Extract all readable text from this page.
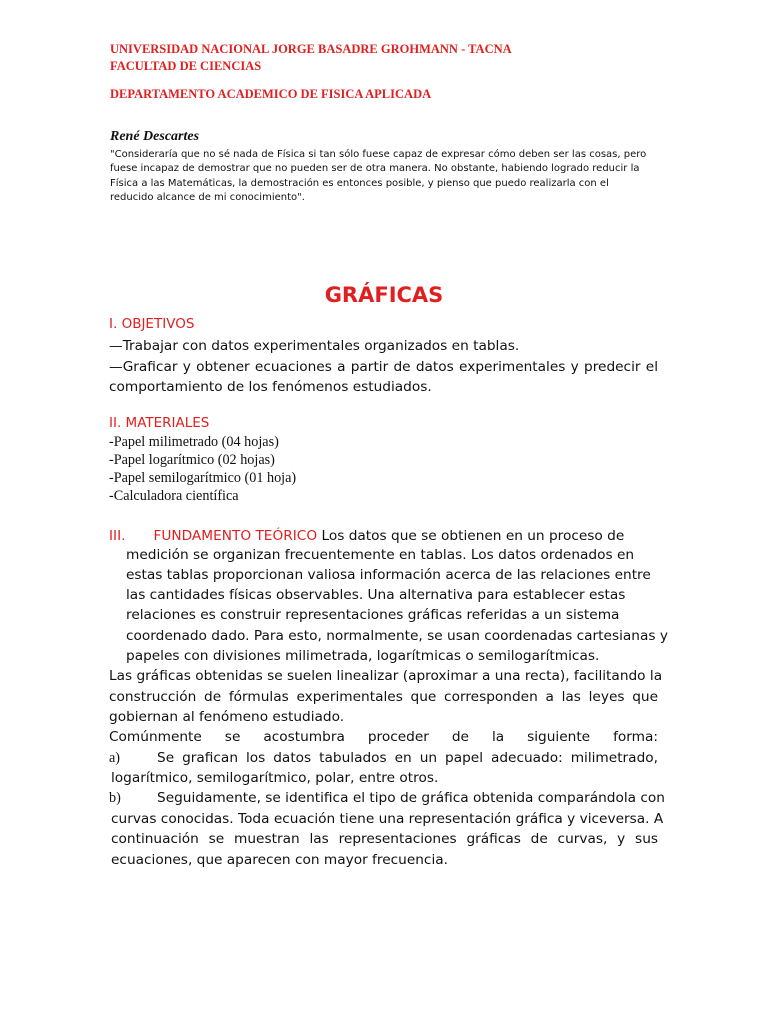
UNIVERSIDAD NACIONAL JORGE BASADRE GROHMANN - TACNA
FACULTAD DE CIENCIAS
DEPARTAMENTO ACADEMICO DE FISICA APLICADA
René Descartes
"Consideraría que no sé nada de Física si tan sólo fuese capaz de expresar cómo deben ser las cosas, pero fuese incapaz de demostrar que no pueden ser de otra manera. No obstante, habiendo logrado reducir la Física a las Matemáticas, la demostración es entonces posible, y pienso que puedo realizarla con el reducido alcance de mi conocimiento".
GRÁFICAS
I. OBJETIVOS
—Trabajar con datos experimentales organizados en tablas.
—Graficar y obtener ecuaciones a partir de datos experimentales y predecir el
comportamiento de los fenómenos estudiados.
II. MATERIALES
-Papel milimetrado (04 hojas)
-Papel logarítmico (02 hojas)
-Papel semilogarítmico (01 hoja)
-Calculadora científica
III. FUNDAMENTO TEÓRICO Los datos que se obtienen en un proceso de
medición se organizan frecuentemente en tablas. Los datos ordenados en
estas tablas proporcionan valiosa información acerca de las relaciones entre
las cantidades físicas observables. Una alternativa para establecer estas
relaciones es construir representaciones gráficas referidas a un sistema
coordenado dado. Para esto, normalmente, se usan coordenadas cartesianas y
papeles con divisiones milimetrada, logarítmicas o semilogarítmicas.
Las gráficas obtenidas se suelen linealizar (aproximar a una recta), facilitando la
construcción de fórmulas experimentales que corresponden a las leyes que
gobiernan al fenómeno estudiado.
Comúnmente se acostumbra proceder de la siguiente forma:
a)	Se grafican los datos tabulados en un papel adecuado: milimetrado,
logarítmico, semilogarítmico, polar, entre otros.
b)	Seguidamente, se identifica el tipo de gráfica obtenida comparándola con
curvas conocidas. Toda ecuación tiene una representación gráfica y viceversa. A
continuación se muestran las representaciones gráficas de curvas, y sus
ecuaciones, que aparecen con mayor frecuencia.
